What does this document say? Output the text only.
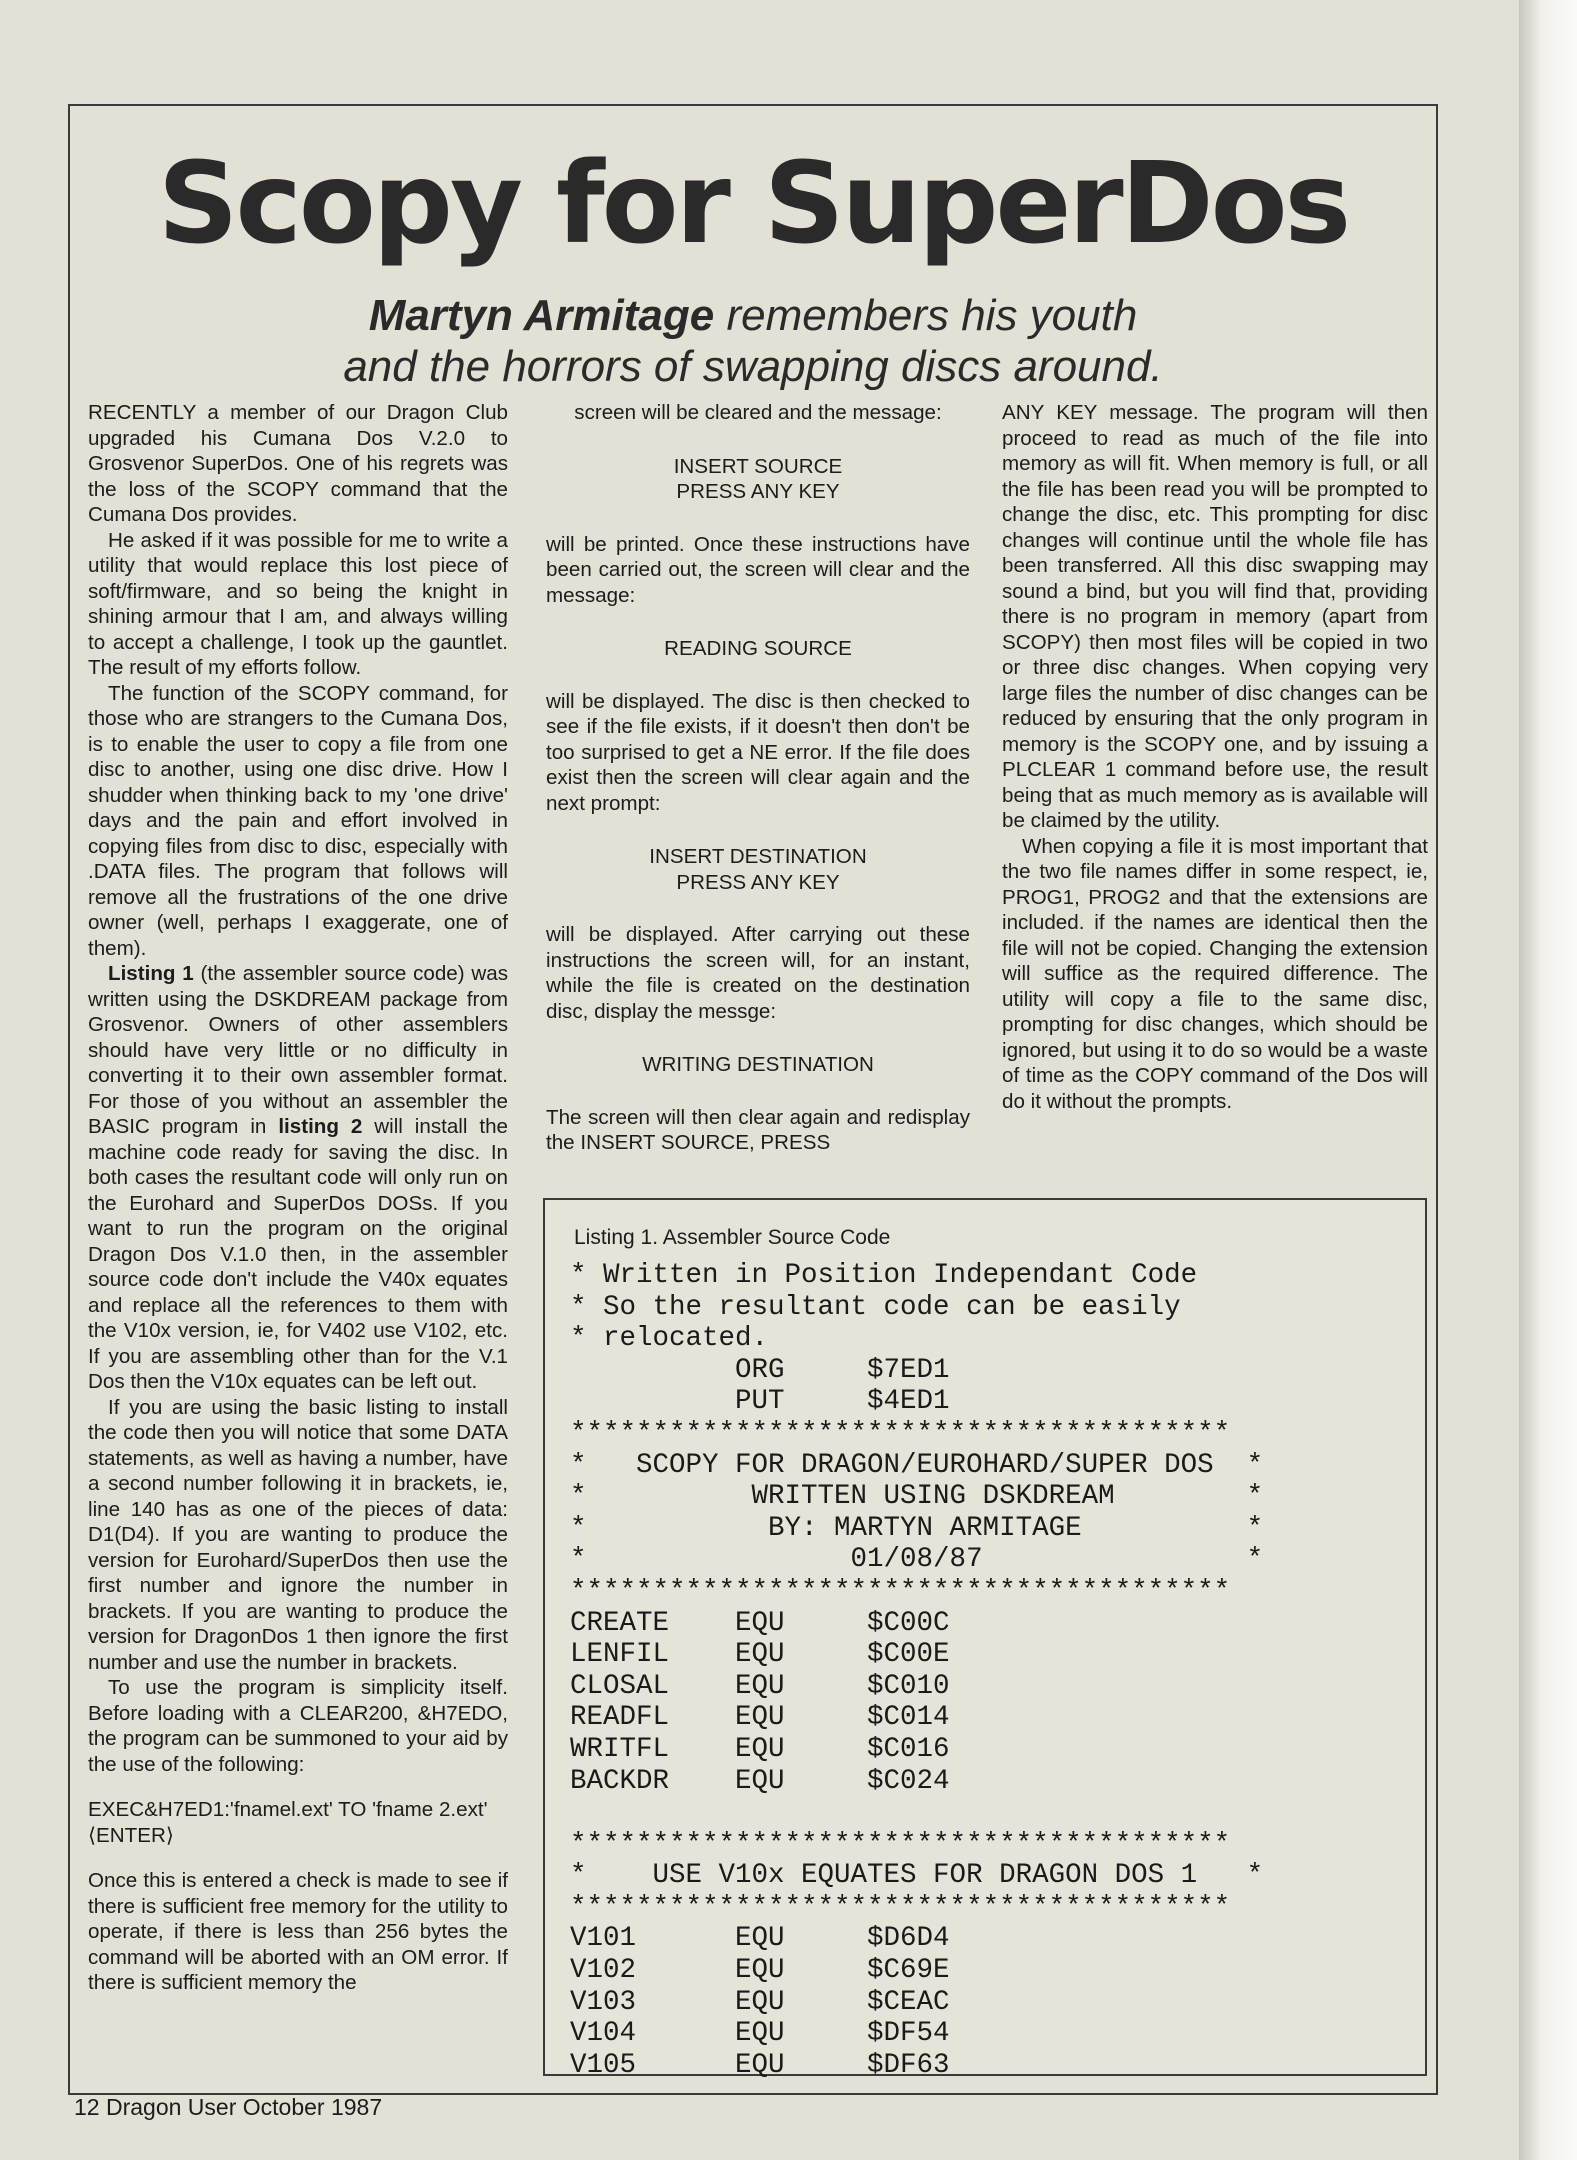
Scopy for SuperDos
Martyn Armitage remembers his youth
and the horrors of swapping discs around.

RECENTLY a member of our Dragon Club upgraded his Cumana Dos V.2.0 to Grosvenor SuperDos. One of his regrets was the loss of the SCOPY command that the Cumana Dos provides.

He asked if it was possible for me to write a utility that would replace this lost piece of soft/firmware, and so being the knight in shining armour that I am, and always willing to accept a challenge, I took up the gauntlet. The result of my efforts follow.

The function of the SCOPY command, for those who are strangers to the Cumana Dos, is to enable the user to copy a file from one disc to another, using one disc drive. How I shudder when thinking back to my 'one drive' days and the pain and effort involved in copying files from disc to disc, especially with .DATA files. The program that follows will remove all the frustrations of the one drive owner (well, perhaps I exaggerate, one of them).

Listing 1 (the assembler source code) was written using the DSKDREAM package from Grosvenor. Owners of other assemblers should have very little or no difficulty in converting it to their own assembler format. For those of you without an assembler the BASIC program in listing 2 will install the machine code ready for saving the disc. In both cases the resultant code will only run on the Eurohard and SuperDos DOSs. If you want to run the program on the original Dragon Dos V.1.0 then, in the assembler source code don't include the V40x equates and replace all the references to them with the V10x version, ie, for V402 use V102, etc. If you are assembling other than for the V.1 Dos then the V10x equates can be left out.

If you are using the basic listing to install the code then you will notice that some DATA statements, as well as having a number, have a second number following it in brackets, ie, line 140 has as one of the pieces of data: D1(D4). If you are wanting to produce the version for Eurohard/SuperDos then use the first number and ignore the number in brackets. If you are wanting to produce the version for DragonDos 1 then ignore the first number and use the number in brackets.

To use the program is simplicity itself. Before loading with a CLEAR200, &H7EDO, the program can be summoned to your aid by the use of the following:

EXEC&H7ED1:'fnamel.ext' TO 'fname 2.ext' ⟨ENTER⟩

Once this is entered a check is made to see if there is sufficient free memory for the utility to operate, if there is less than 256 bytes the command will be aborted with an OM error. If there is sufficient memory the

screen will be cleared and the message:

INSERT SOURCE
PRESS ANY KEY

will be printed. Once these instructions have been carried out, the screen will clear and the message:

READING SOURCE

will be displayed. The disc is then checked to see if the file exists, if it doesn't then don't be too surprised to get a NE error. If the file does exist then the screen will clear again and the next prompt:

INSERT DESTINATION
PRESS ANY KEY

will be displayed. After carrying out these instructions the screen will, for an instant, while the file is created on the destination disc, display the messge:

WRITING DESTINATION

The screen will then clear again and redisplay the INSERT SOURCE, PRESS

ANY KEY message. The program will then proceed to read as much of the file into memory as will fit. When memory is full, or all the file has been read you will be prompted to change the disc, etc. This prompting for disc changes will continue until the whole file has been transferred. All this disc swapping may sound a bind, but you will find that, providing there is no program in memory (apart from SCOPY) then most files will be copied in two or three disc changes. When copying very large files the number of disc changes can be reduced by ensuring that the only program in memory is the SCOPY one, and by issuing a PLCLEAR 1 command before use, the result being that as much memory as is available will be claimed by the utility.

When copying a file it is most important that the two file names differ in some respect, ie, PROG1, PROG2 and that the extensions are included. if the names are identical then the file will not be copied. Changing the extension will suffice as the required difference. The utility will copy a file to the same disc, prompting for disc changes, which should be ignored, but using it to do so would be a waste of time as the COPY command of the Dos will do it without the prompts.

Listing 1. Assembler Source Code

* Written in Position Independant Code
* So the resultant code can be easily
* relocated.
ORG     $7ED1
PUT     $4ED1
****************************************
*   SCOPY FOR DRAGON/EUROHARD/SUPER DOS  *
*          WRITTEN USING DSKDREAM        *
*           BY: MARTYN ARMITAGE          *
*                01/08/87                *
****************************************
CREATE    EQU     $C00C
LENFIL    EQU     $C00E
CLOSAL    EQU     $C010
READFL    EQU     $C014
WRITFL    EQU     $C016
BACKDR    EQU     $C024

****************************************
*    USE V10x EQUATES FOR DRAGON DOS 1   *
****************************************
V101      EQU     $D6D4
V102      EQU     $C69E
V103      EQU     $CEAC
V104      EQU     $DF54
V105      EQU     $DF63

12 Dragon User October 1987
